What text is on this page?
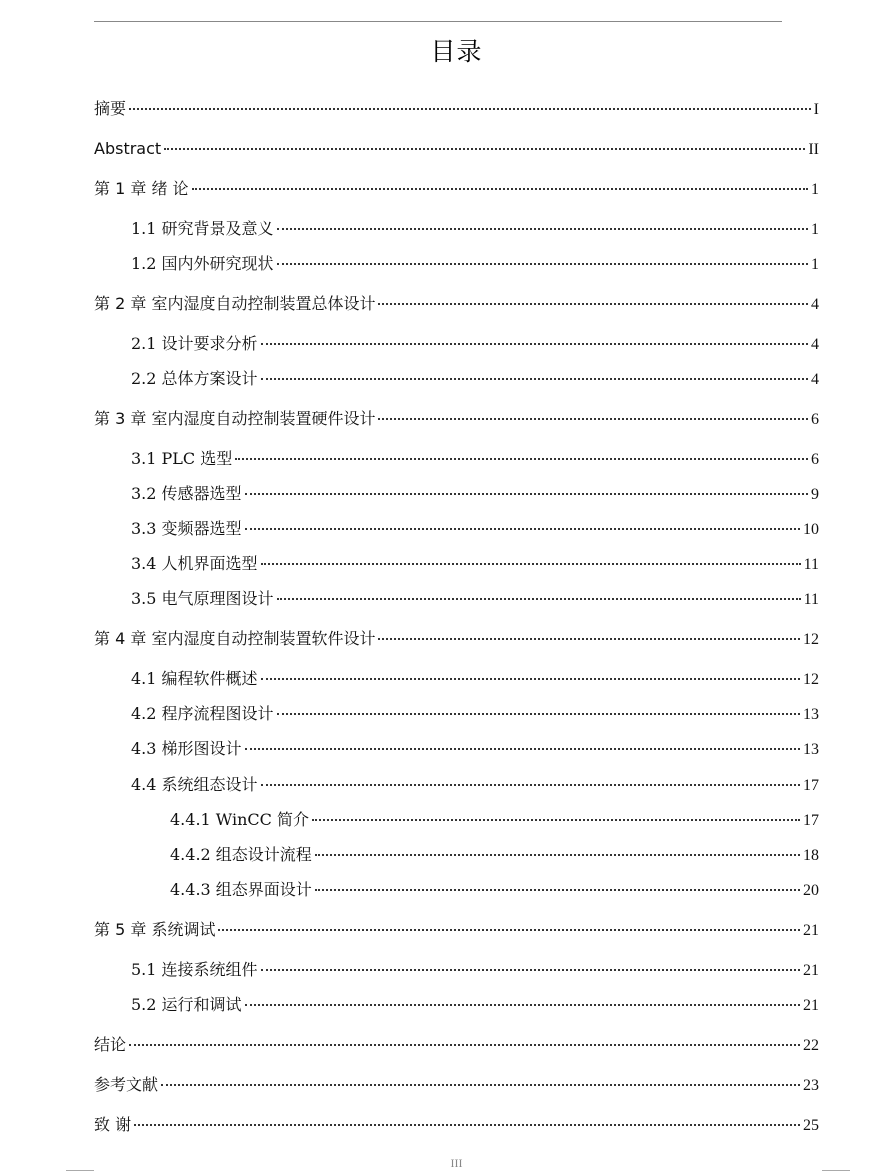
目录
摘要	I
Abstract	II
第 1 章 绪 论	1
1.1 研究背景及意义	1
1.2 国内外研究现状	1
第 2 章 室内湿度自动控制装置总体设计	4
2.1 设计要求分析	4
2.2 总体方案设计	4
第 3 章 室内湿度自动控制装置硬件设计	6
3.1 PLC 选型	6
3.2 传感器选型	9
3.3 变频器选型	10
3.4 人机界面选型	11
3.5 电气原理图设计	11
第 4 章 室内湿度自动控制装置软件设计	12
4.1 编程软件概述	12
4.2 程序流程图设计	13
4.3 梯形图设计	13
4.4 系统组态设计	17
4.4.1 WinCC 简介	17
4.4.2 组态设计流程	18
4.4.3 组态界面设计	20
第 5 章 系统调试	21
5.1 连接系统组件	21
5.2 运行和调试	21
结论	22
参考文献	23
致 谢	25
III
